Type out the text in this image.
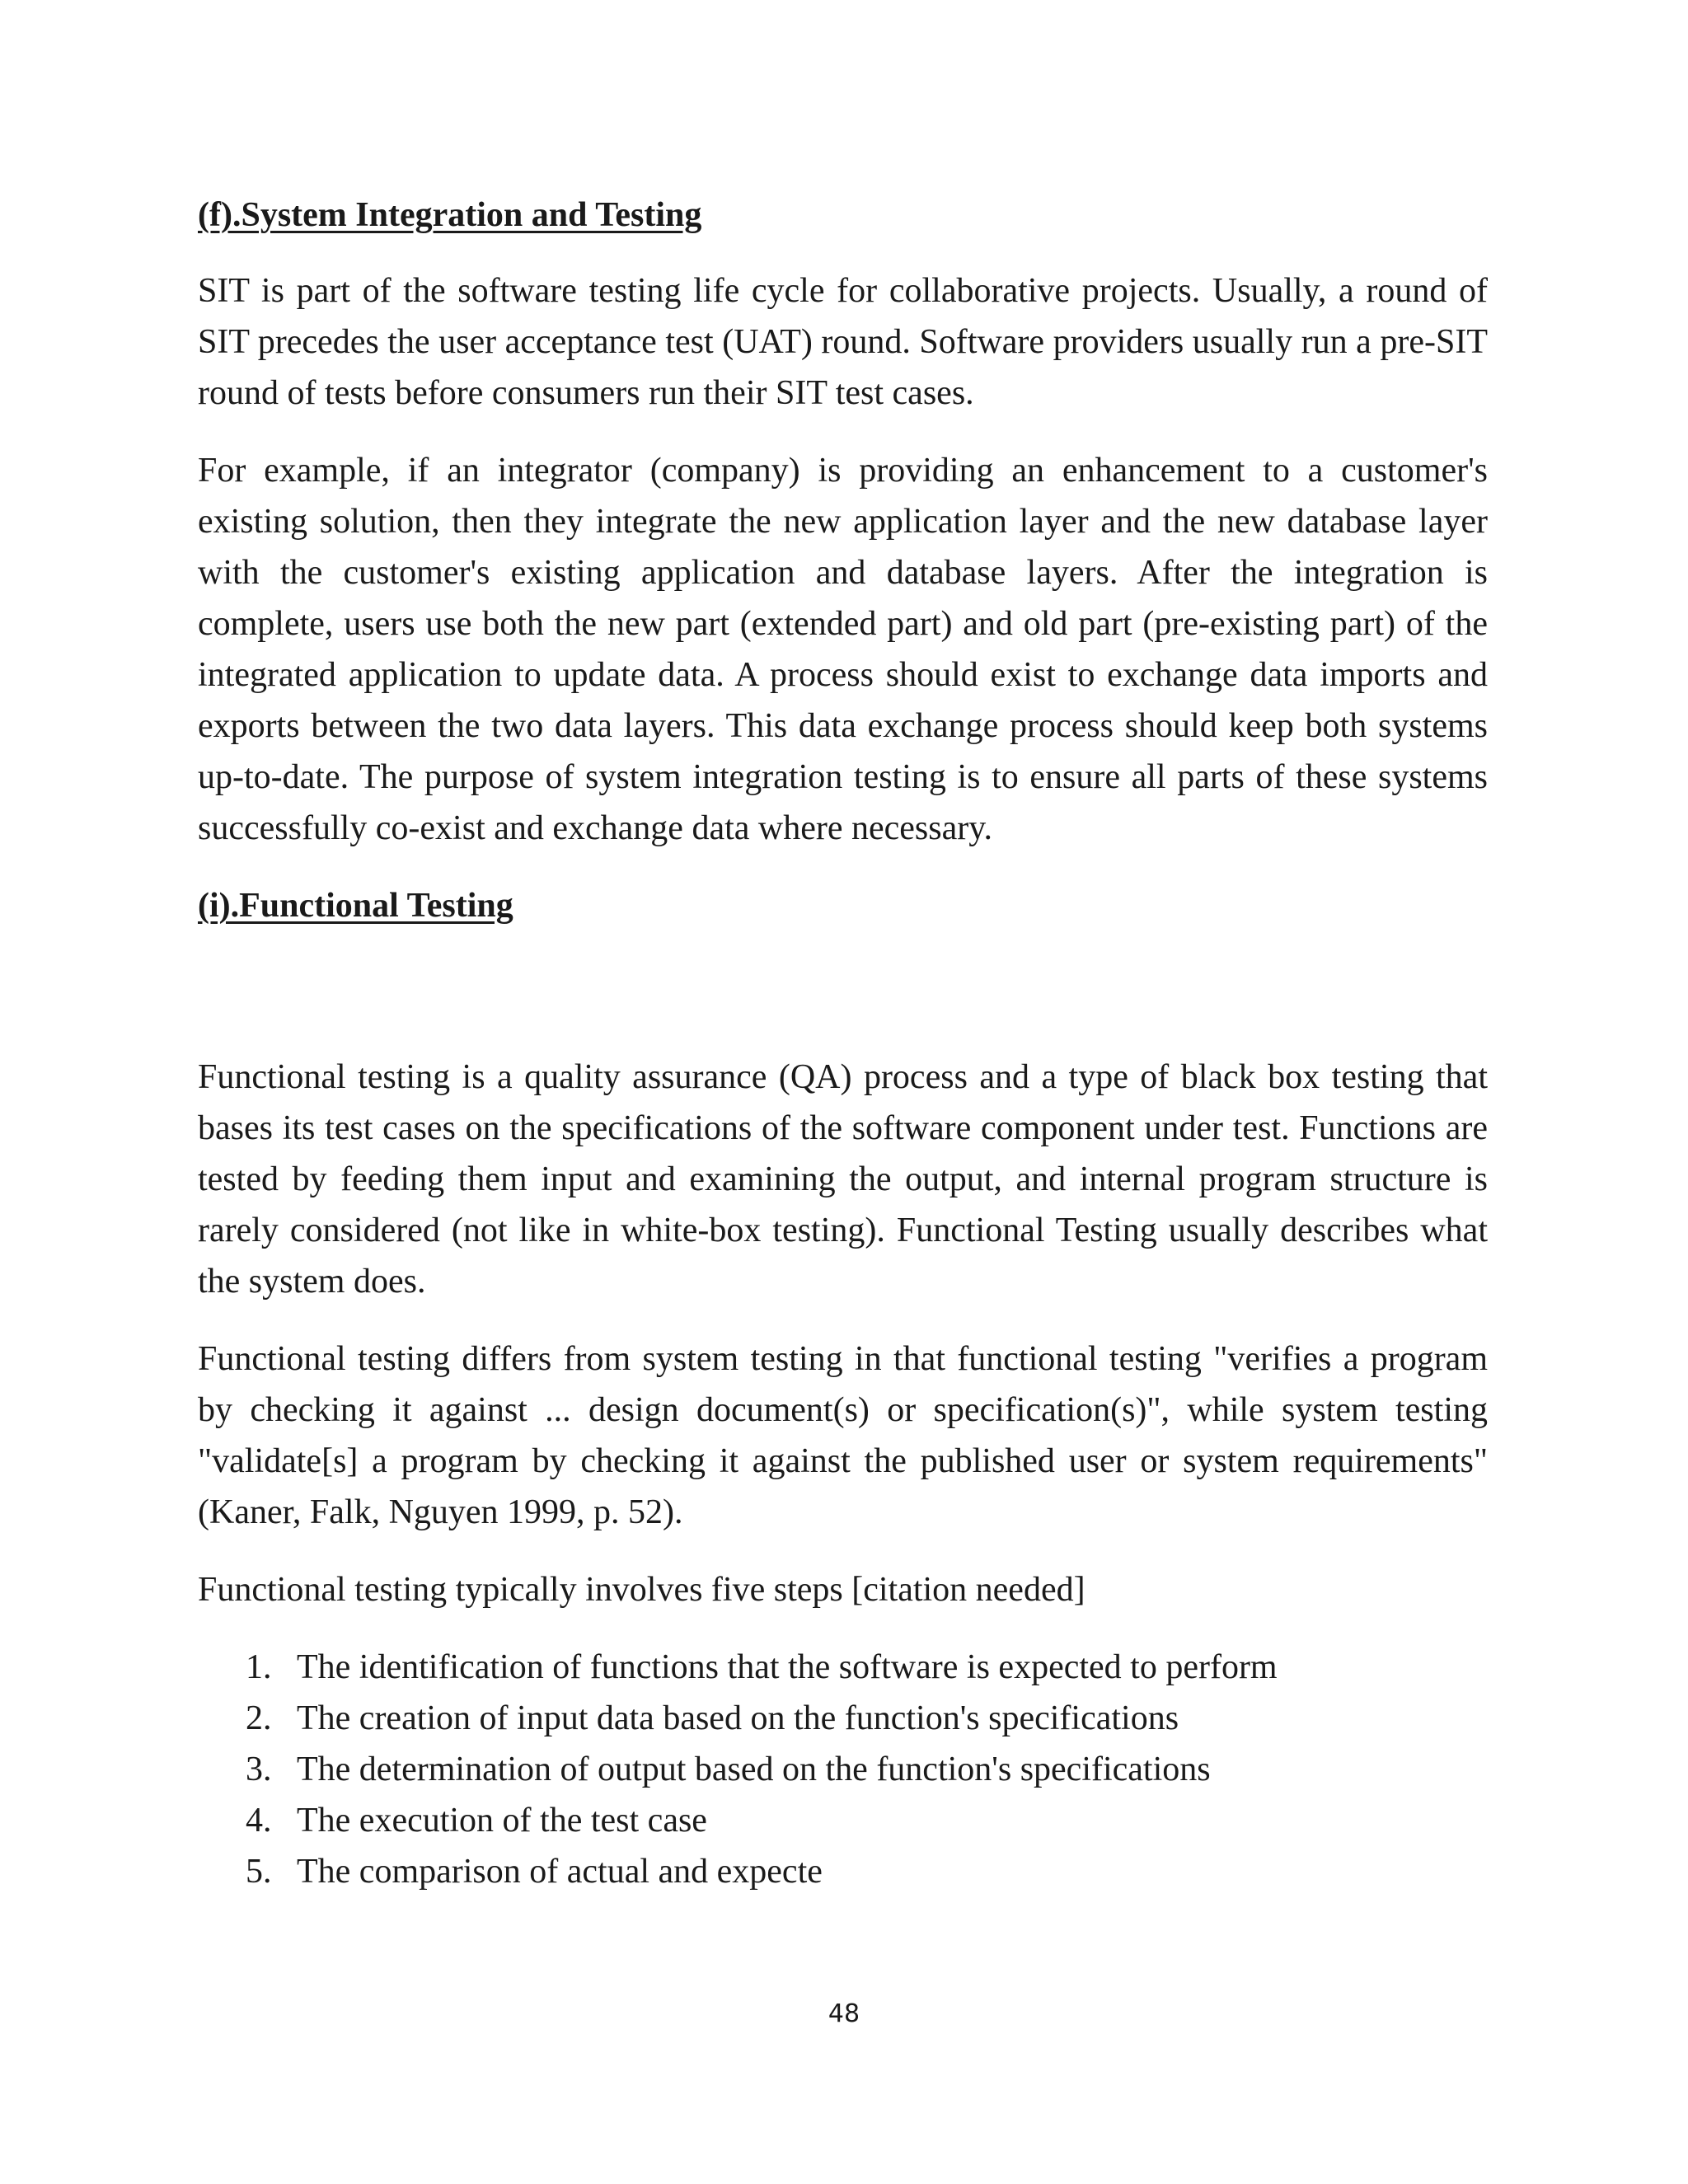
(f).System Integration and Testing

SIT is part of the software testing life cycle for collaborative projects. Usually, a round of SIT precedes the user acceptance test (UAT) round. Software providers usually run a pre-SIT round of tests before consumers run their SIT test cases.

For example, if an integrator (company) is providing an enhancement to a customer's existing solution, then they integrate the new application layer and the new database layer with the customer's existing application and database layers. After the integration is complete, users use both the new part (extended part) and old part (pre-existing part) of the integrated application to update data. A process should exist to exchange data imports and exports between the two data layers. This data exchange process should keep both systems up-to-date. The purpose of system integration testing is to ensure all parts of these systems successfully co-exist and exchange data where necessary.

(i).Functional Testing

Functional testing is a quality assurance (QA) process and a type of black box testing that bases its test cases on the specifications of the software component under test. Functions are tested by feeding them input and examining the output, and internal program structure is rarely considered (not like in white-box testing). Functional Testing usually describes what the system does.

Functional testing differs from system testing in that functional testing "verifies a program by checking it against ... design document(s) or specification(s)", while system testing "validate[s] a program by checking it against the published user or system requirements" (Kaner, Falk, Nguyen 1999, p. 52).

Functional testing typically involves five steps [citation needed]

1. The identification of functions that the software is expected to perform
2. The creation of input data based on the function's specifications
3. The determination of output based on the function's specifications
4. The execution of the test case
5. The comparison of actual and expecte
48
